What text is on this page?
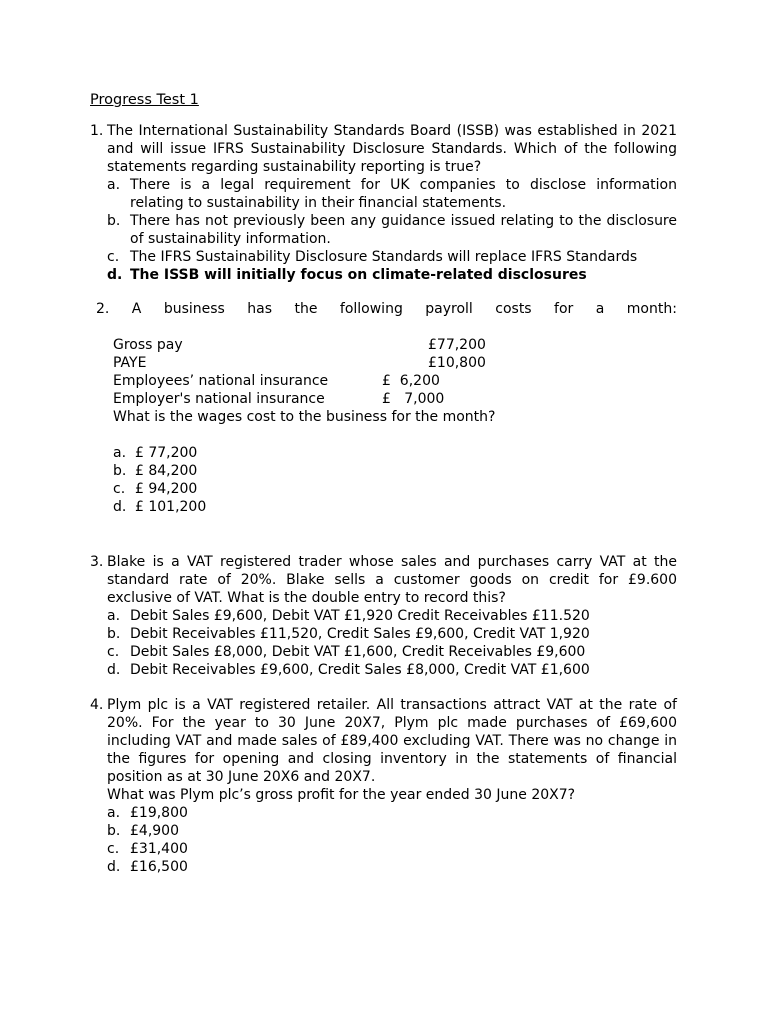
Progress Test 1
1. The International Sustainability Standards Board (ISSB) was established in 2021 and will issue IFRS Sustainability Disclosure Standards. Which of the following statements regarding sustainability reporting is true?
a. There is a legal requirement for UK companies to disclose information relating to sustainability in their financial statements.
b. There has not previously been any guidance issued relating to the disclosure of sustainability information.
c. The IFRS Sustainability Disclosure Standards will replace IFRS Standards
d. The ISSB will initially focus on climate-related disclosures
2. A business has the following payroll costs for a month:
Gross pay	£77,200
PAYE	£10,800
Employees’ national insurance	£  6,200
Employer's national insurance	£   7,000
What is the wages cost to the business for the month?
a. £ 77,200
b. £ 84,200
c. £ 94,200
d. £ 101,200
3. Blake is a VAT registered trader whose sales and purchases carry VAT at the standard rate of 20%. Blake sells a customer goods on credit for £9.600 exclusive of VAT. What is the double entry to record this?
a. Debit Sales £9,600, Debit VAT £1,920 Credit Receivables £11.520
b. Debit Receivables £11,520, Credit Sales £9,600, Credit VAT 1,920
c. Debit Sales £8,000, Debit VAT £1,600, Credit Receivables £9,600
d. Debit Receivables £9,600, Credit Sales £8,000, Credit VAT £1,600
4. Plym plc is a VAT registered retailer. All transactions attract VAT at the rate of 20%. For the year to 30 June 20X7, Plym plc made purchases of £69,600 including VAT and made sales of £89,400 excluding VAT. There was no change in the figures for opening and closing inventory in the statements of financial position as at 30 June 20X6 and 20X7.
What was Plym plc’s gross profit for the year ended 30 June 20X7?
a. £19,800
b. £4,900
c. £31,400
d. £16,500
